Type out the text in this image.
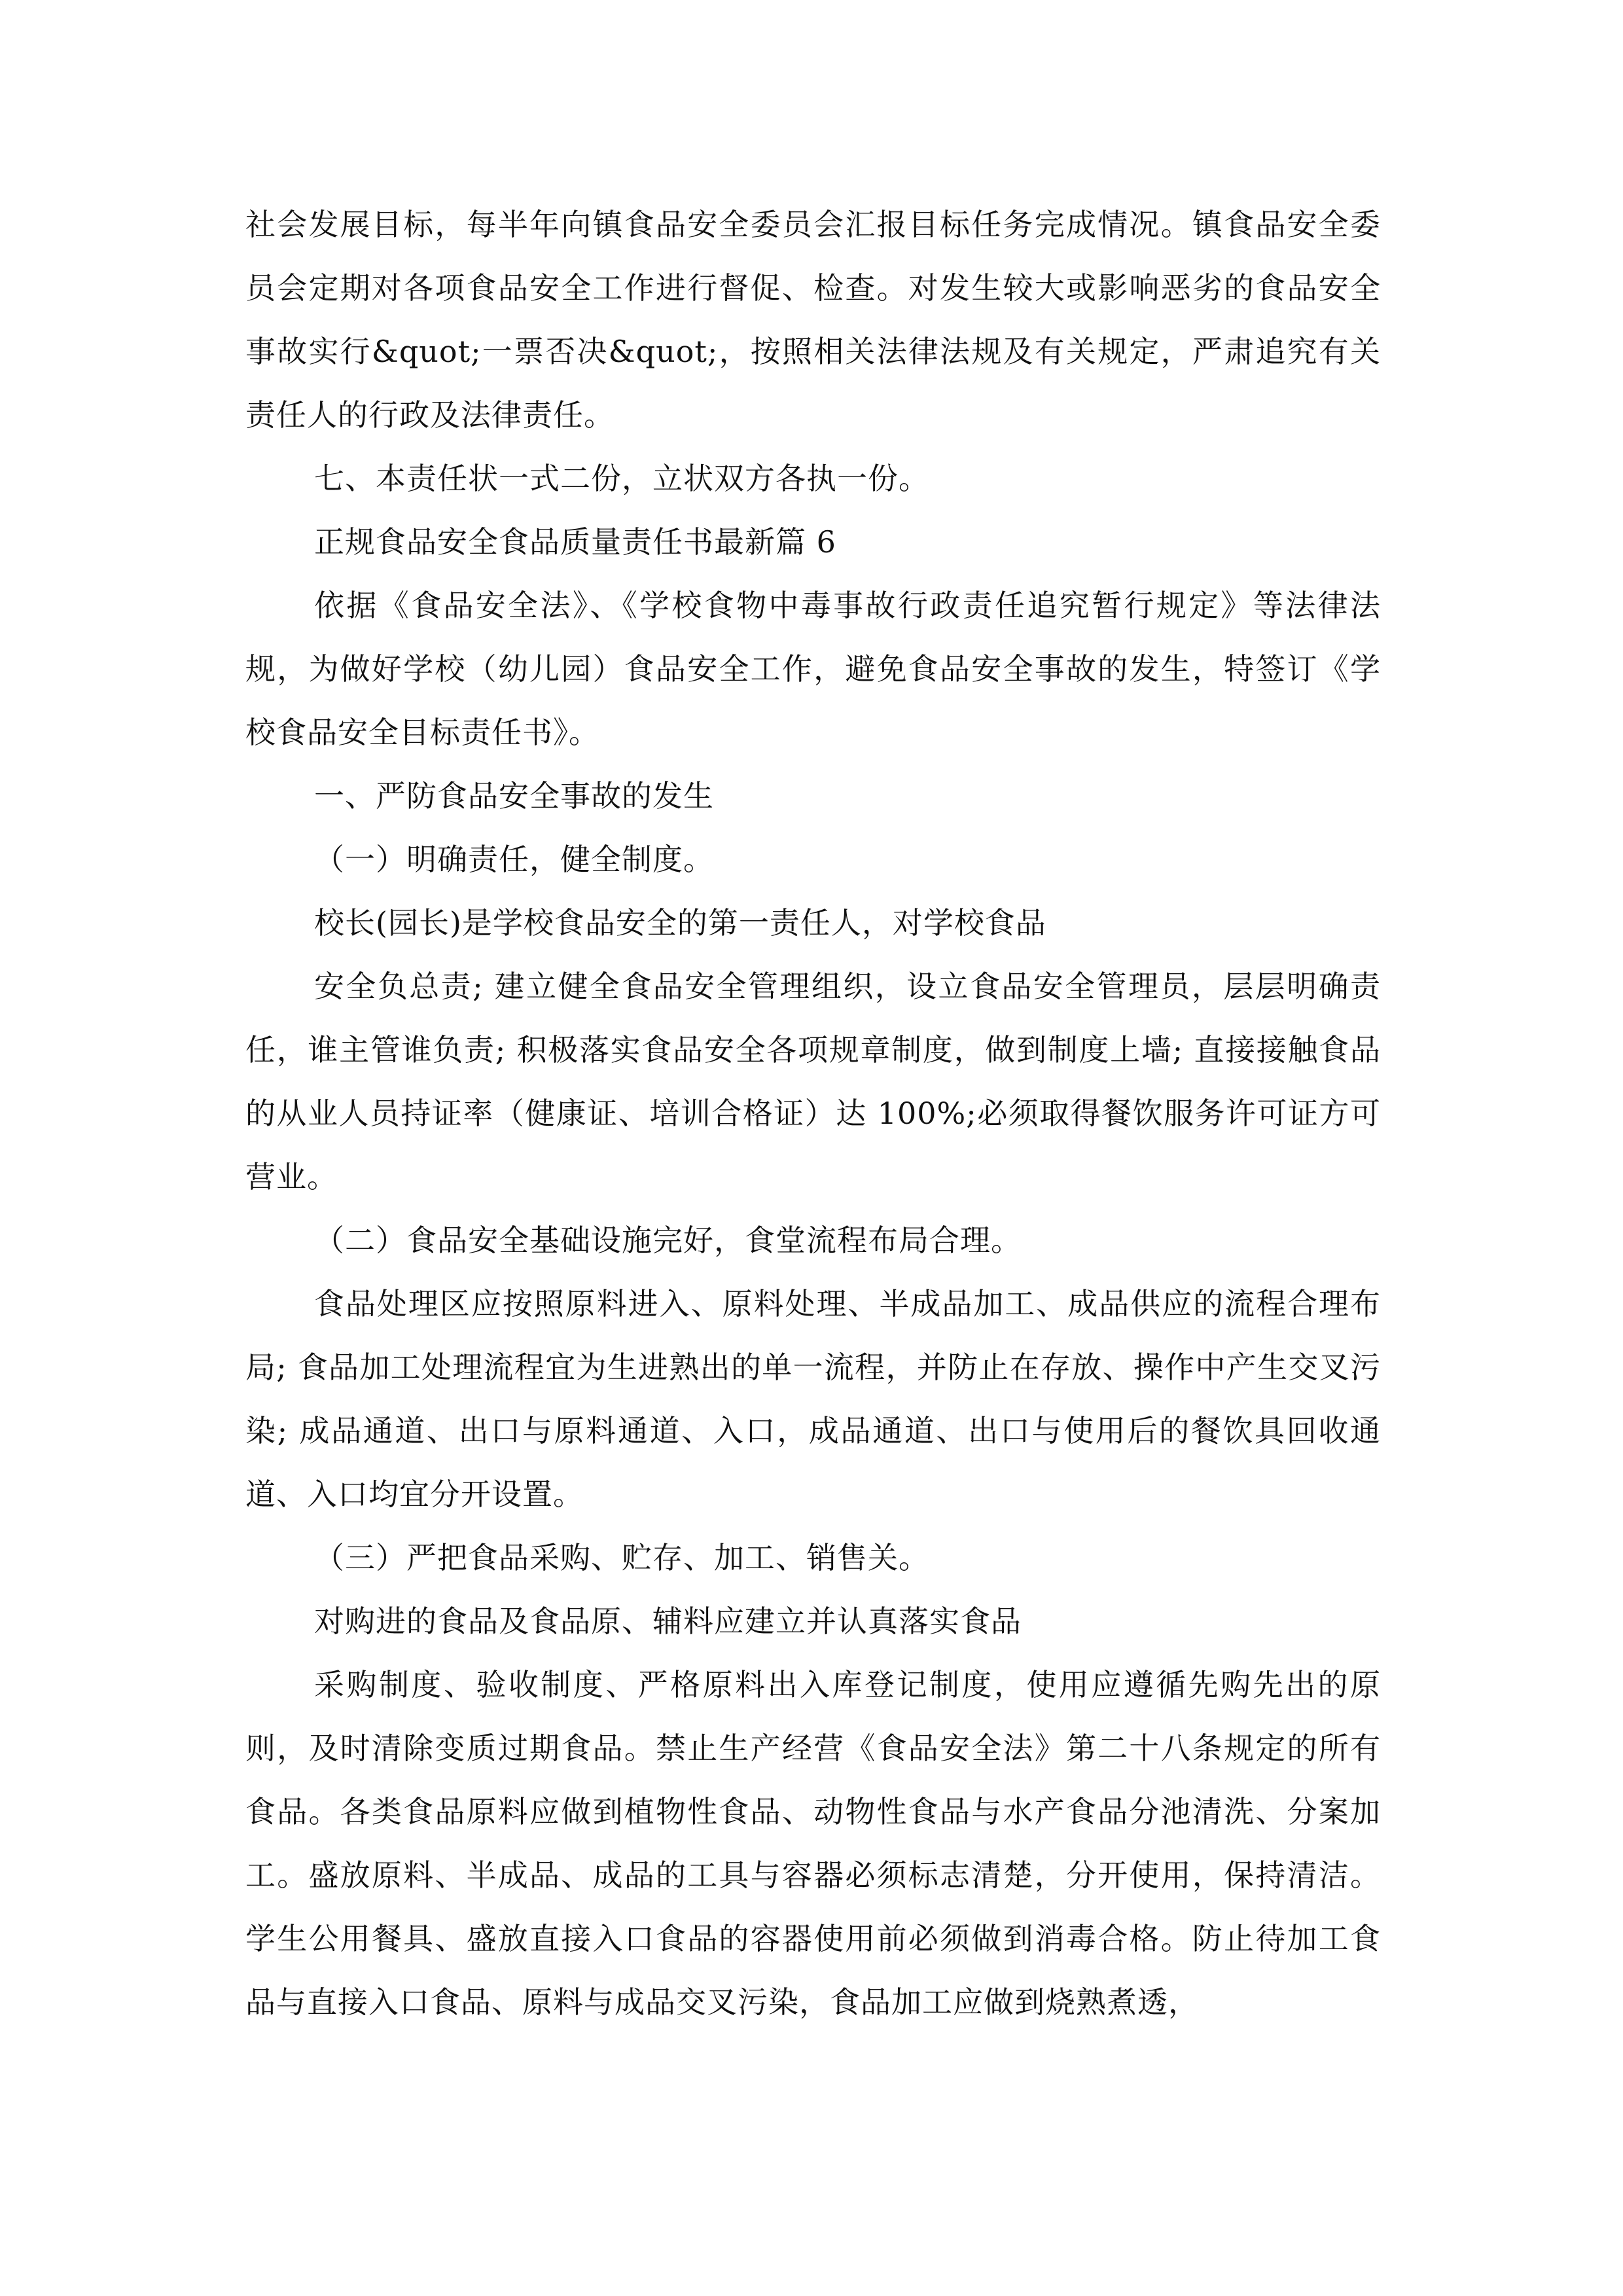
社会发展目标，每半年向镇食品安全委员会汇报目标任务完成情况。镇食品安全委员会定期对各项食品安全工作进行督促、检查。对发生较大或影响恶劣的食品安全事故实行&quot;一票否决&quot;，按照相关法律法规及有关规定，严肃追究有关责任人的行政及法律责任。

七、本责任状一式二份，立状双方各执一份。

正规食品安全食品质量责任书最新篇 6

依据《食品安全法》、《学校食物中毒事故行政责任追究暂行规定》等法律法规，为做好学校（幼儿园）食品安全工作，避免食品安全事故的发生，特签订《学校食品安全目标责任书》。

一、严防食品安全事故的发生

（一）明确责任，健全制度。

校长(园长)是学校食品安全的第一责任人，对学校食品

安全负总责; 建立健全食品安全管理组织，设立食品安全管理员，层层明确责任，谁主管谁负责; 积极落实食品安全各项规章制度，做到制度上墙; 直接接触食品的从业人员持证率（健康证、培训合格证）达 100%;必须取得餐饮服务许可证方可营业。

（二）食品安全基础设施完好，食堂流程布局合理。

食品处理区应按照原料进入、原料处理、半成品加工、成品供应的流程合理布局; 食品加工处理流程宜为生进熟出的单一流程，并防止在存放、操作中产生交叉污染; 成品通道、出口与原料通道、入口，成品通道、出口与使用后的餐饮具回收通道、入口均宜分开设置。

（三）严把食品采购、贮存、加工、销售关。

对购进的食品及食品原、辅料应建立并认真落实食品

采购制度、验收制度、严格原料出入库登记制度，使用应遵循先购先出的原则，及时清除变质过期食品。禁止生产经营《食品安全法》第二十八条规定的所有食品。各类食品原料应做到植物性食品、动物性食品与水产食品分池清洗、分案加工。盛放原料、半成品、成品的工具与容器必须标志清楚，分开使用，保持清洁。学生公用餐具、盛放直接入口食品的容器使用前必须做到消毒合格。防止待加工食品与直接入口食品、原料与成品交叉污染，食品加工应做到烧熟煮透，
